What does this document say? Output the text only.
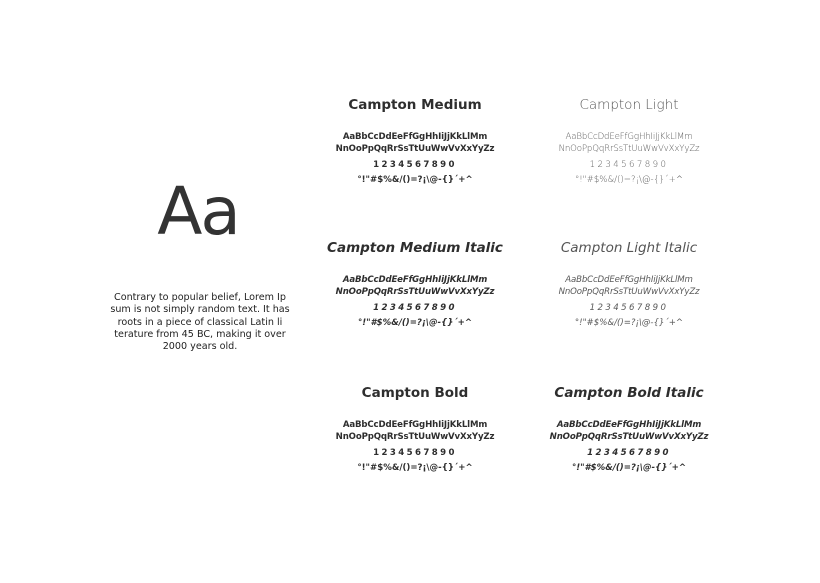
Aa
Contrary to popular belief, Lorem Ip sum is not simply random text. It has roots in a piece of classical Latin li terature from 45 BC, making it over 2000 years old.
Campton Medium
AaBbCcDdEeFfGgHhIiJjKkLlMm
NnOoPpQqRrSsTtUuWwVvXxYyZz
1234567890
°!"#$%&/()=?¡\@-{}´+^
Campton Light
AaBbCcDdEeFfGgHhIiJjKkLlMm
NnOoPpQqRrSsTtUuWwVvXxYyZz
1234567890
°!"#$%&/()=?¡\@-{}´+^
Campton Medium Italic
AaBbCcDdEeFfGgHhIiJjKkLlMm
NnOoPpQqRrSsTtUuWwVvXxYyZz
1234567890
°!"#$%&/()=?¡\@-{}´+^
Campton Light Italic
AaBbCcDdEeFfGgHhIiJjKkLlMm
NnOoPpQqRrSsTtUuWwVvXxYyZz
1234567890
°!"#$%&/()=?¡\@-{}´+^
Campton Bold
AaBbCcDdEeFfGgHhIiJjKkLlMm
NnOoPpQqRrSsTtUuWwVvXxYyZz
1234567890
°!"#$%&/()=?¡\@-{}´+^
Campton Bold Italic
AaBbCcDdEeFfGgHhIiJjKkLlMm
NnOoPpQqRrSsTtUuWwVvXxYyZz
1234567890
°!"#$%&/()=?¡\@-{}´+^
